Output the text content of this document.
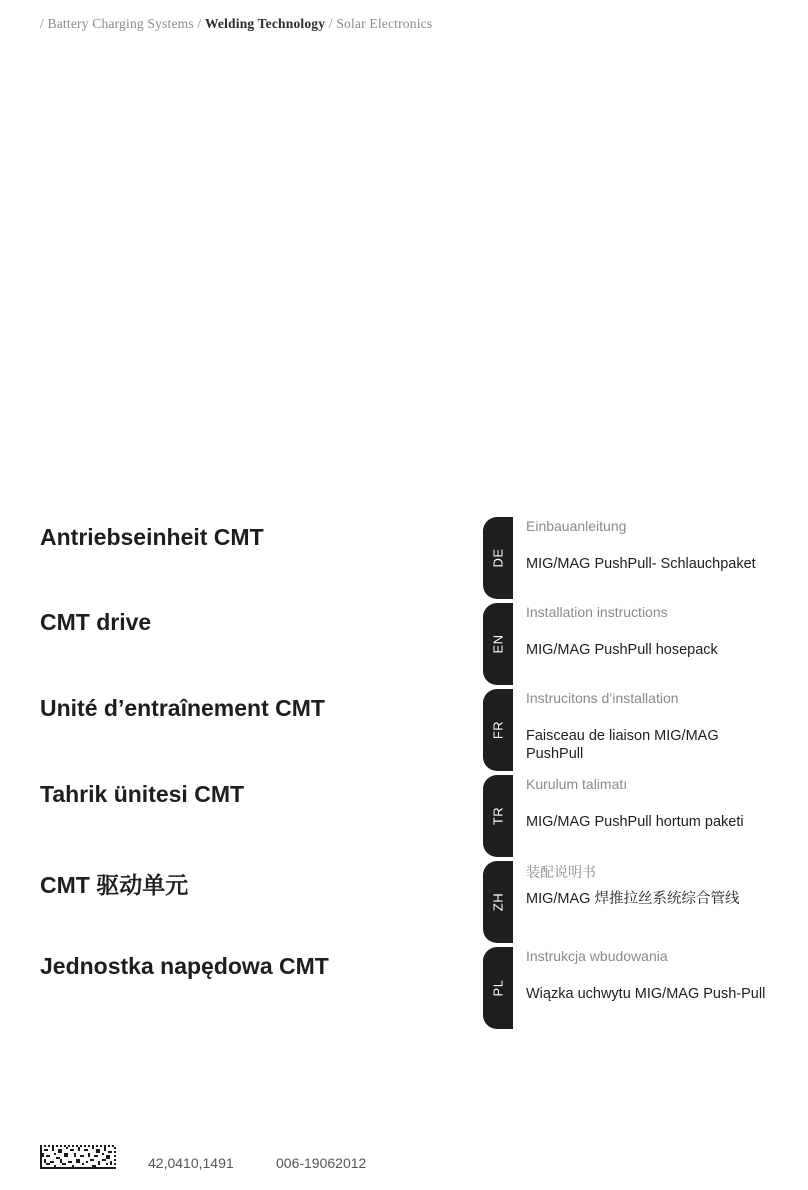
/ Battery Charging Systems / Welding Technology / Solar Electronics
Antriebseinheit CMT
CMT drive
Unité d’entraînement CMT
Tahrik ünitesi CMT
CMT 驱动单元
Jednostka napędowa CMT
DE
Einbauanleitung
MIG/MAG PushPull- Schlauchpaket
EN
Installation instructions
MIG/MAG PushPull hosepack
FR
Instrucitons d’installation
Faisceau de liaison MIG/MAG PushPull
TR
Kurulum talimatı
MIG/MAG PushPull hortum paketi
ZH
装配说明书
MIG/MAG 焊推拉丝系统综合管线
PL
Instrukcja wbudowania
Wiązka uchwytu MIG/MAG Push-Pull
42,0410,1491	006-19062012
